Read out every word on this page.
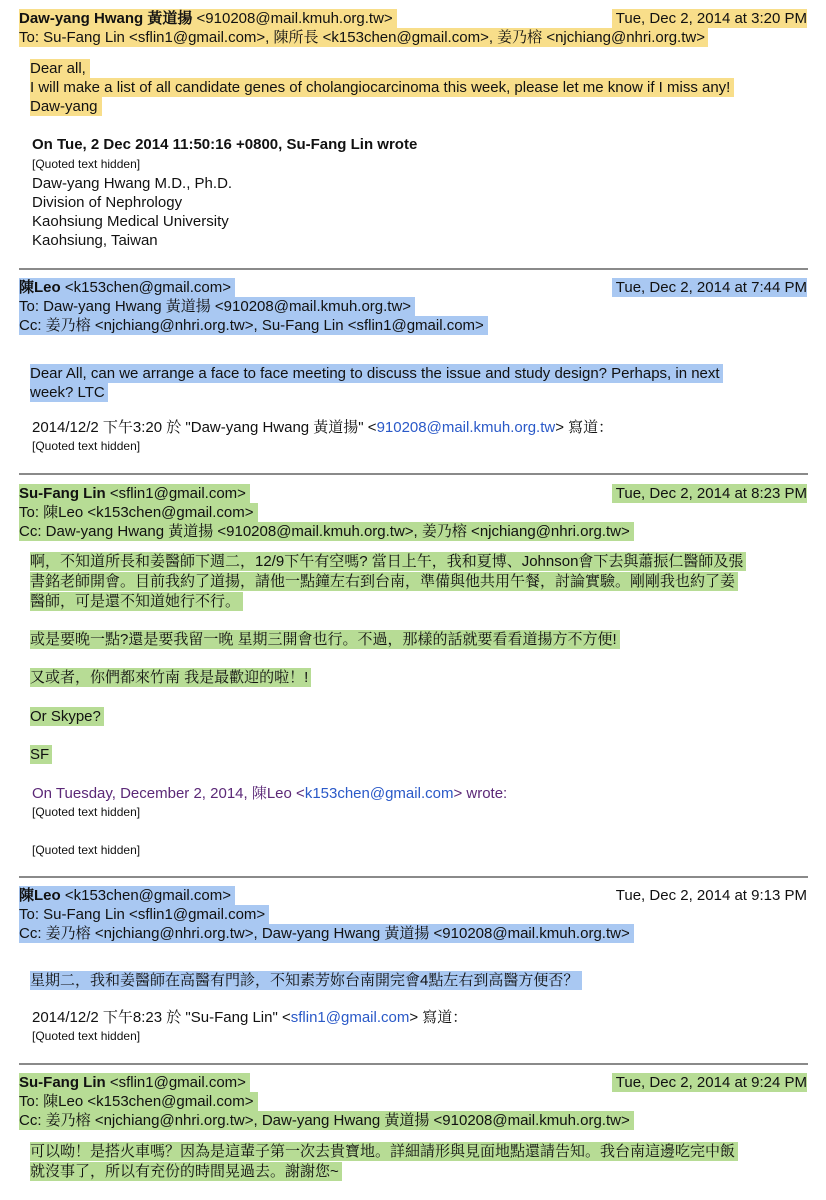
Daw-yang Hwang 黃道揚 <910208@mail.kmuh.org.tw>	Tue, Dec 2, 2014 at 3:20 PM
To: Su-Fang Lin <sflin1@gmail.com>, 陳所長 <k153chen@gmail.com>, 姜乃榕 <njchiang@nhri.org.tw>
Dear all,
I will make a list of all candidate genes of cholangiocarcinoma this week, please let me know if I miss any!
Daw-yang
On Tue, 2 Dec 2014 11:50:16 +0800, Su-Fang Lin wrote
[Quoted text hidden]
Daw-yang Hwang M.D., Ph.D.
Division of Nephrology
Kaohsiung Medical University
Kaohsiung, Taiwan
陳Leo <k153chen@gmail.com>	Tue, Dec 2, 2014 at 7:44 PM
To: Daw-yang Hwang 黃道揚 <910208@mail.kmuh.org.tw>
Cc: 姜乃榕 <njchiang@nhri.org.tw>, Su-Fang Lin <sflin1@gmail.com>
Dear All, can we arrange a face to face meeting to discuss the issue and study design? Perhaps, in next
week? LTC
2014/12/2 下午3:20 於 "Daw-yang Hwang 黃道揚" <910208@mail.kmuh.org.tw> 寫道：
[Quoted text hidden]
Su-Fang Lin <sflin1@gmail.com>	Tue, Dec 2, 2014 at 8:23 PM
To: 陳Leo <k153chen@gmail.com>
Cc: Daw-yang Hwang 黃道揚 <910208@mail.kmuh.org.tw>, 姜乃榕 <njchiang@nhri.org.tw>
啊，不知道所長和姜醫師下週二，12/9下午有空嗎? 當日上午，我和夏博、Johnson會下去與蕭振仁醫師及張
書銘老師開會。目前我約了道揚，請他一點鐘左右到台南，準備與他共用午餐，討論實驗。剛剛我也約了姜
醫師，可是還不知道她行不行。
或是要晚一點?還是要我留一晚 星期三開會也行。不過，那樣的話就要看看道揚方不方便!
又或者，你們都來竹南 我是最歡迎的啦！!
Or Skype?
SF
On Tuesday, December 2, 2014, 陳Leo <k153chen@gmail.com> wrote:
[Quoted text hidden]
[Quoted text hidden]
陳Leo <k153chen@gmail.com>	Tue, Dec 2, 2014 at 9:13 PM
To: Su-Fang Lin <sflin1@gmail.com>
Cc: 姜乃榕 <njchiang@nhri.org.tw>, Daw-yang Hwang 黃道揚 <910208@mail.kmuh.org.tw>
星期二，我和姜醫師在高醫有門診，不知素芳妳台南開完會4點左右到高醫方便否？
2014/12/2 下午8:23 於 "Su-Fang Lin" <sflin1@gmail.com> 寫道：
[Quoted text hidden]
Su-Fang Lin <sflin1@gmail.com>	Tue, Dec 2, 2014 at 9:24 PM
To: 陳Leo <k153chen@gmail.com>
Cc: 姜乃榕 <njchiang@nhri.org.tw>, Daw-yang Hwang 黃道揚 <910208@mail.kmuh.org.tw>
可以呦！是搭火車嗎？因為是這輩子第一次去貴寶地。詳細請形與見面地點還請告知。我台南這邊吃完中飯
就沒事了，所以有充份的時間晃過去。謝謝您~
